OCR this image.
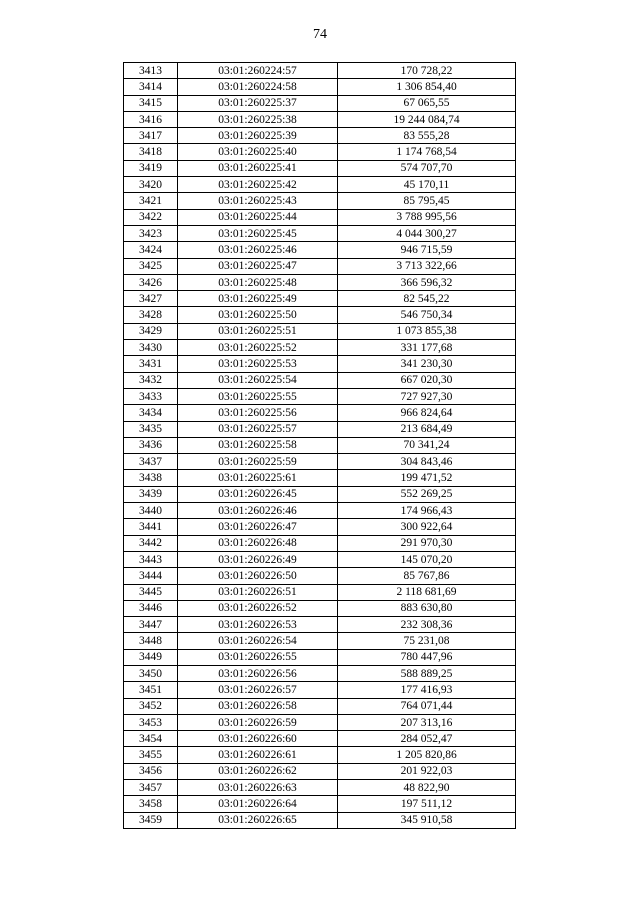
74
3413	03:01:260224:57	170 728,22
3414	03:01:260224:58	1 306 854,40
3415	03:01:260225:37	67 065,55
3416	03:01:260225:38	19 244 084,74
3417	03:01:260225:39	83 555,28
3418	03:01:260225:40	1 174 768,54
3419	03:01:260225:41	574 707,70
3420	03:01:260225:42	45 170,11
3421	03:01:260225:43	85 795,45
3422	03:01:260225:44	3 788 995,56
3423	03:01:260225:45	4 044 300,27
3424	03:01:260225:46	946 715,59
3425	03:01:260225:47	3 713 322,66
3426	03:01:260225:48	366 596,32
3427	03:01:260225:49	82 545,22
3428	03:01:260225:50	546 750,34
3429	03:01:260225:51	1 073 855,38
3430	03:01:260225:52	331 177,68
3431	03:01:260225:53	341 230,30
3432	03:01:260225:54	667 020,30
3433	03:01:260225:55	727 927,30
3434	03:01:260225:56	966 824,64
3435	03:01:260225:57	213 684,49
3436	03:01:260225:58	70 341,24
3437	03:01:260225:59	304 843,46
3438	03:01:260225:61	199 471,52
3439	03:01:260226:45	552 269,25
3440	03:01:260226:46	174 966,43
3441	03:01:260226:47	300 922,64
3442	03:01:260226:48	291 970,30
3443	03:01:260226:49	145 070,20
3444	03:01:260226:50	85 767,86
3445	03:01:260226:51	2 118 681,69
3446	03:01:260226:52	883 630,80
3447	03:01:260226:53	232 308,36
3448	03:01:260226:54	75 231,08
3449	03:01:260226:55	780 447,96
3450	03:01:260226:56	588 889,25
3451	03:01:260226:57	177 416,93
3452	03:01:260226:58	764 071,44
3453	03:01:260226:59	207 313,16
3454	03:01:260226:60	284 052,47
3455	03:01:260226:61	1 205 820,86
3456	03:01:260226:62	201 922,03
3457	03:01:260226:63	48 822,90
3458	03:01:260226:64	197 511,12
3459	03:01:260226:65	345 910,58
